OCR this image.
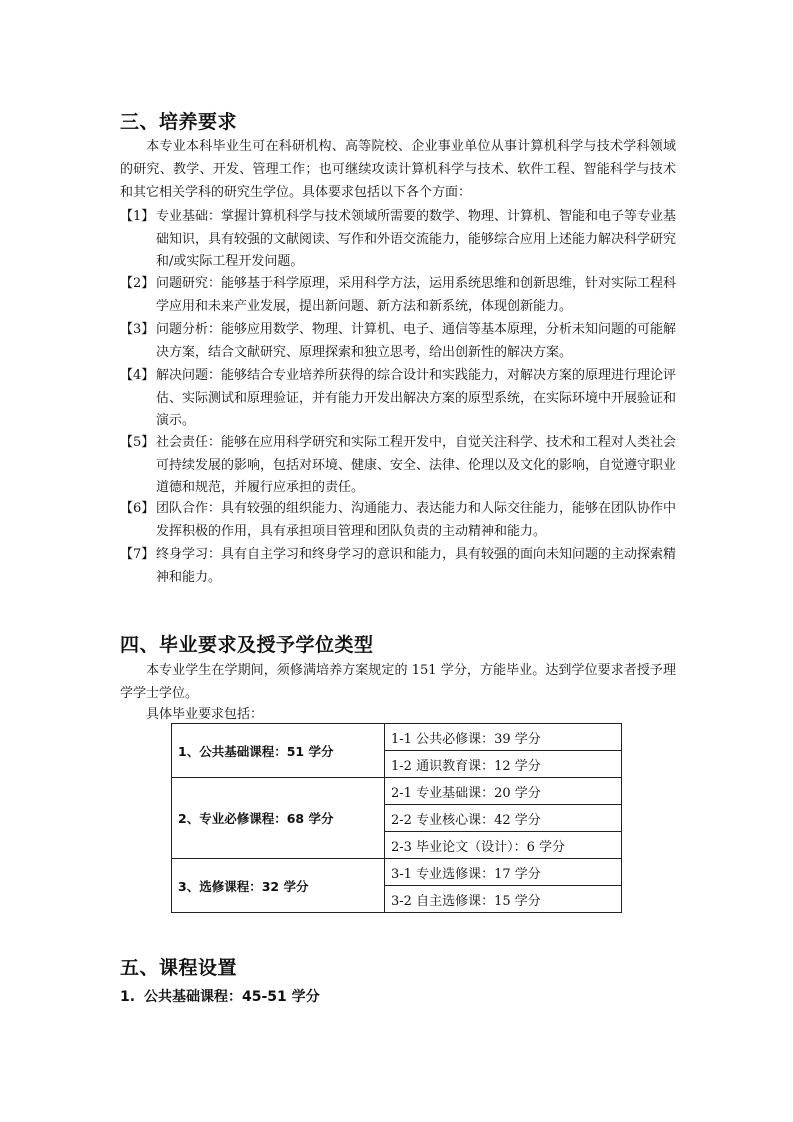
三、培养要求

本专业本科毕业生可在科研机构、高等院校、企业事业单位从事计算机科学与技术学科领域的研究、教学、开发、管理工作；也可继续攻读计算机科学与技术、软件工程、智能科学与技术和其它相关学科的研究生学位。具体要求包括以下各个方面：

【1】 专业基础：掌握计算机科学与技术领域所需要的数学、物理、计算机、智能和电子等专业基础知识，具有较强的文献阅读、写作和外语交流能力，能够综合应用上述能力解决科学研究和/或实际工程开发问题。
【2】 问题研究：能够基于科学原理，采用科学方法，运用系统思维和创新思维，针对实际工程科学应用和未来产业发展，提出新问题、新方法和新系统，体现创新能力。
【3】 问题分析：能够应用数学、物理、计算机、电子、通信等基本原理，分析未知问题的可能解决方案，结合文献研究、原理探索和独立思考，给出创新性的解决方案。
【4】 解决问题：能够结合专业培养所获得的综合设计和实践能力，对解决方案的原理进行理论评估、实际测试和原理验证，并有能力开发出解决方案的原型系统，在实际环境中开展验证和演示。
【5】 社会责任：能够在应用科学研究和实际工程开发中，自觉关注科学、技术和工程对人类社会可持续发展的影响，包括对环境、健康、安全、法律、伦理以及文化的影响，自觉遵守职业道德和规范，并履行应承担的责任。
【6】 团队合作：具有较强的组织能力、沟通能力、表达能力和人际交往能力，能够在团队协作中发挥积极的作用，具有承担项目管理和团队负责的主动精神和能力。
【7】 终身学习：具有自主学习和终身学习的意识和能力，具有较强的面向未知问题的主动探索精神和能力。
四、毕业要求及授予学位类型

本专业学生在学期间，须修满培养方案规定的 151 学分，方能毕业。达到学位要求者授予理学学士学位。

具体毕业要求包括：

1、公共基础课程：51 学分	1-1 公共必修课：39 学分
	1-2 通识教育课：12 学分
2、专业必修课程：68 学分	2-1 专业基础课：20 学分
	2-2 专业核心课：42 学分
	2-3 毕业论文（设计）：6 学分
3、选修课程：32 学分	3-1 专业选修课：17 学分
	3-2 自主选修课：15 学分
五、课程设置

1. 公共基础课程：45-51 学分
